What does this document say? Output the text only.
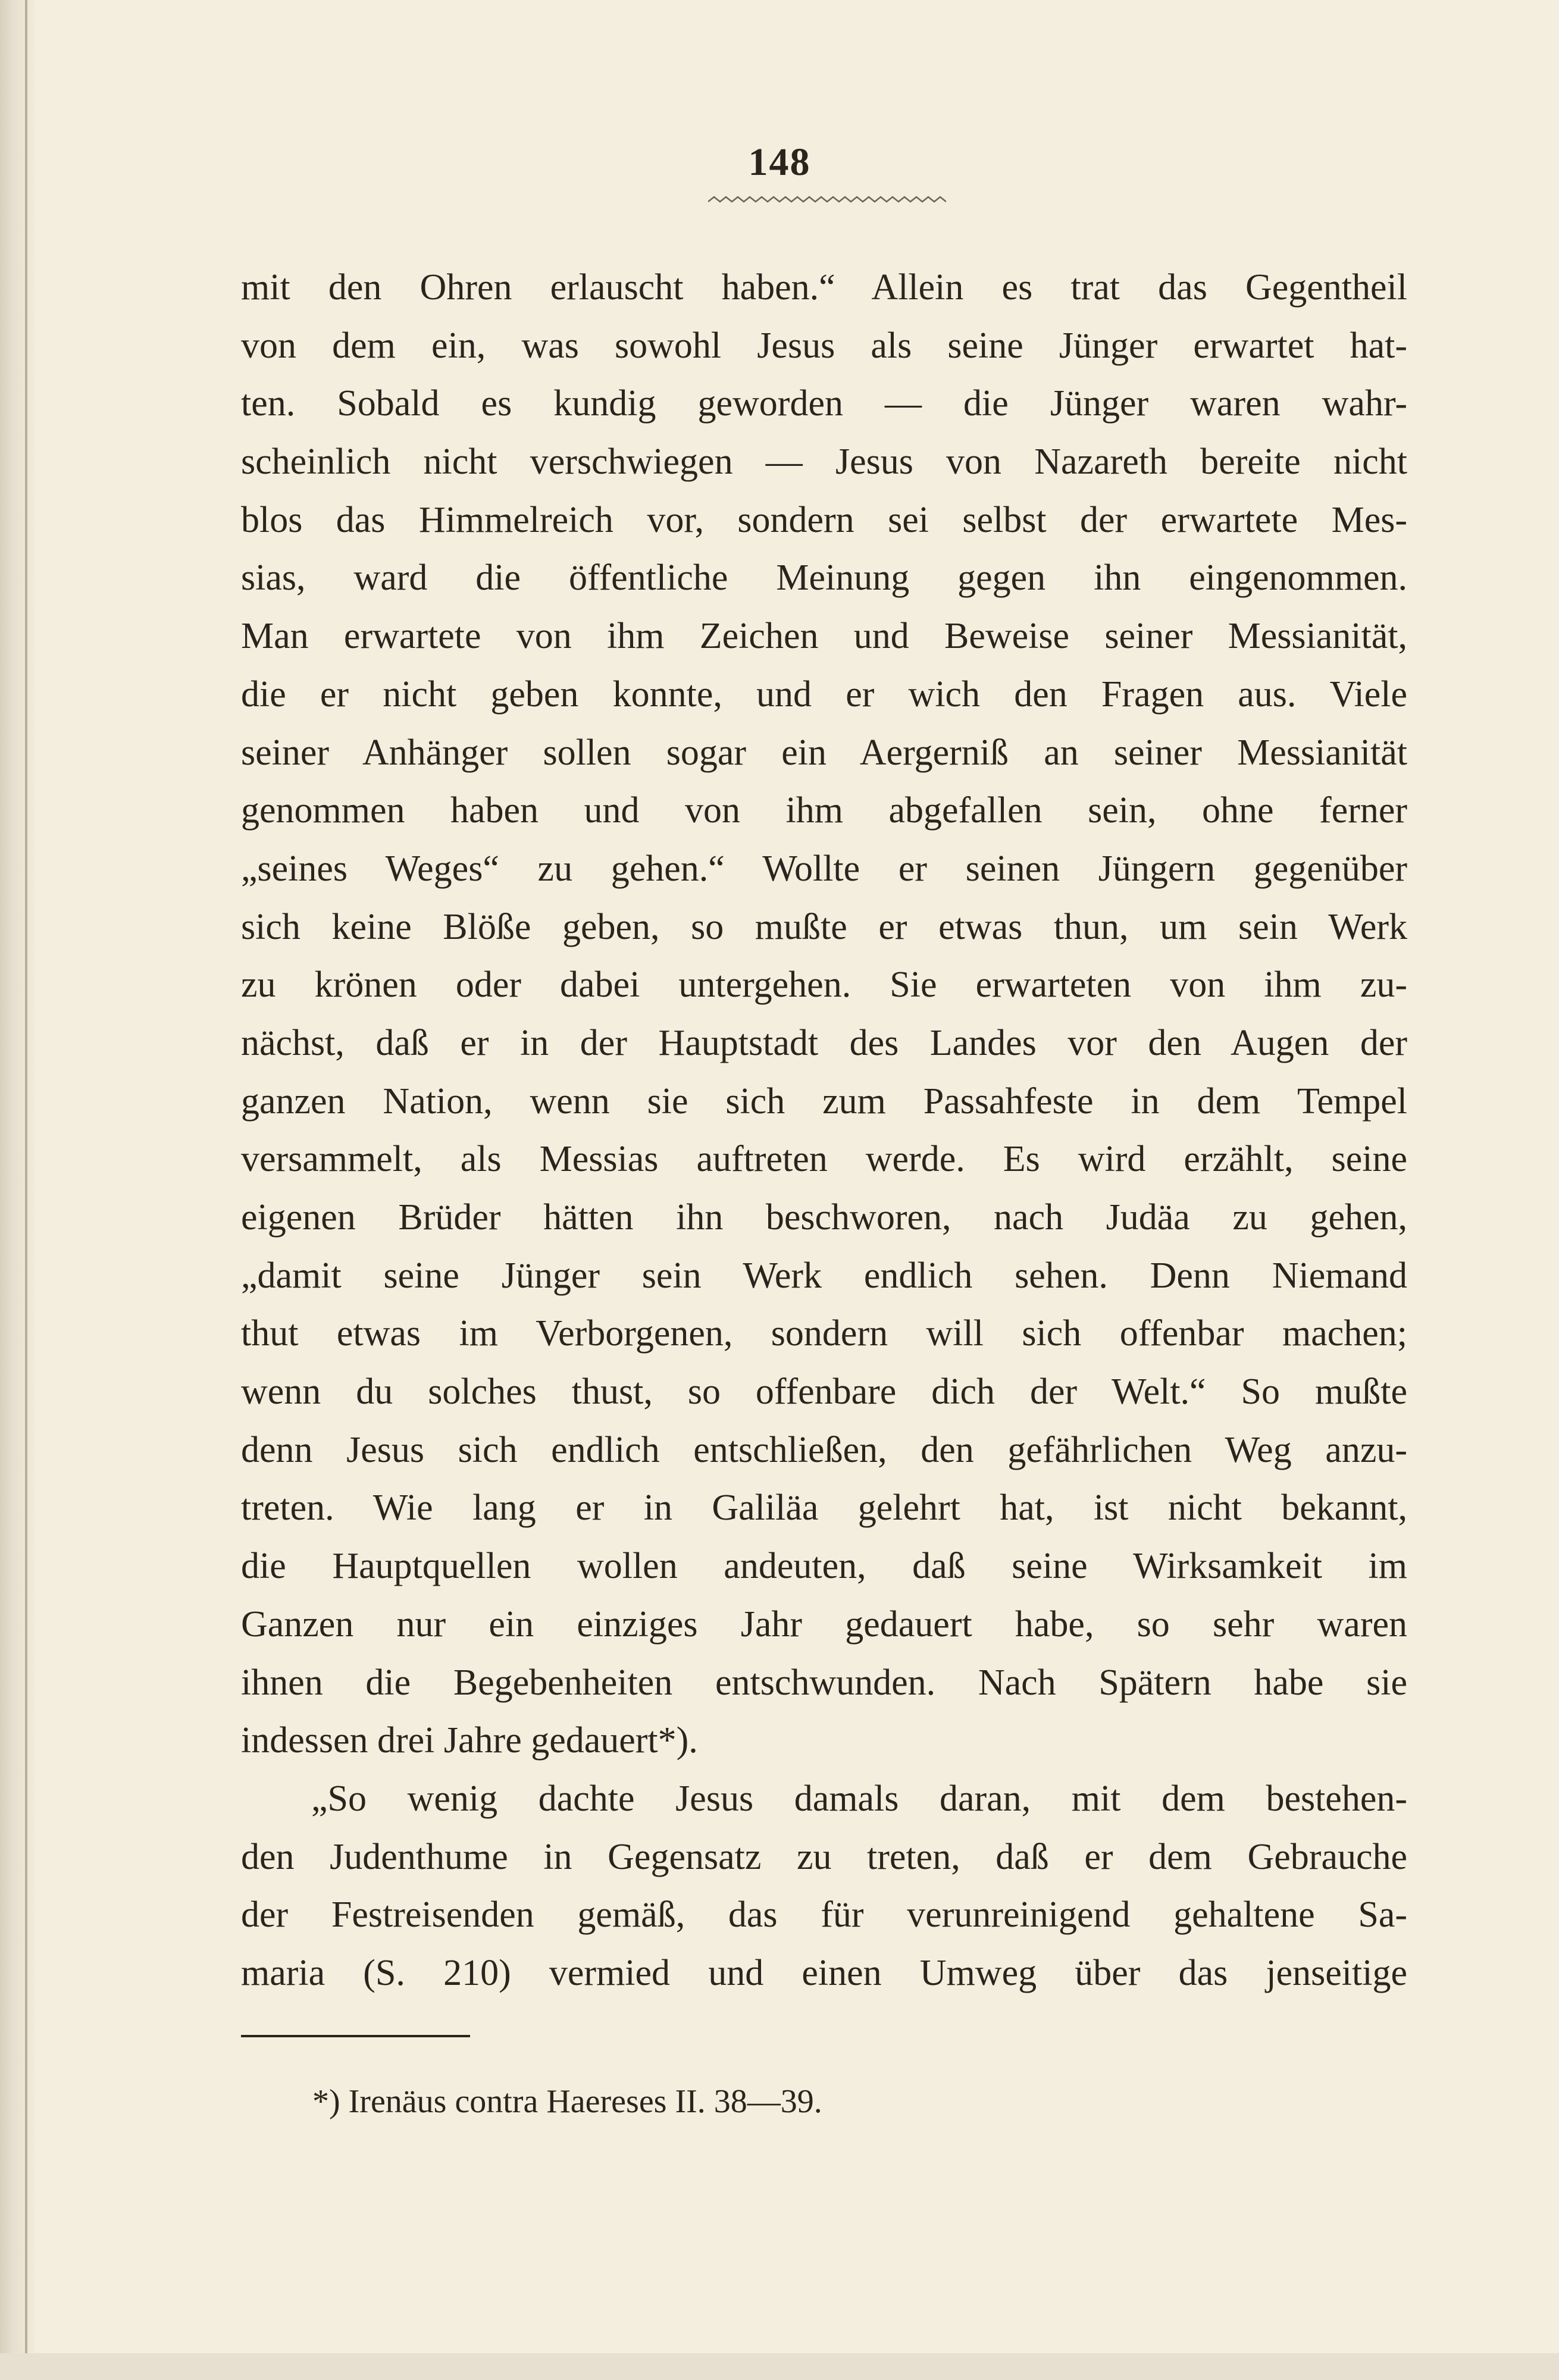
148
mit den Ohren erlauscht haben.“ Allein es trat das Gegentheil
von dem ein, was sowohl Jesus als seine Jünger erwartet hat-
ten. Sobald es kundig geworden — die Jünger waren wahr-
scheinlich nicht verschwiegen — Jesus von Nazareth bereite nicht
blos das Himmelreich vor, sondern sei selbst der erwartete Mes-
sias, ward die öffentliche Meinung gegen ihn eingenommen.
Man erwartete von ihm Zeichen und Beweise seiner Messianität,
die er nicht geben konnte, und er wich den Fragen aus. Viele
seiner Anhänger sollen sogar ein Aergerniß an seiner Messianität
genommen haben und von ihm abgefallen sein, ohne ferner
„seines Weges“ zu gehen.“ Wollte er seinen Jüngern gegenüber
sich keine Blöße geben, so mußte er etwas thun, um sein Werk
zu krönen oder dabei untergehen. Sie erwarteten von ihm zu-
nächst, daß er in der Hauptstadt des Landes vor den Augen der
ganzen Nation, wenn sie sich zum Passahfeste in dem Tempel
versammelt, als Messias auftreten werde. Es wird erzählt, seine
eigenen Brüder hätten ihn beschworen, nach Judäa zu gehen,
„damit seine Jünger sein Werk endlich sehen. Denn Niemand
thut etwas im Verborgenen, sondern will sich offenbar machen;
wenn du solches thust, so offenbare dich der Welt.“ So mußte
denn Jesus sich endlich entschließen, den gefährlichen Weg anzu-
treten. Wie lang er in Galiläa gelehrt hat, ist nicht bekannt,
die Hauptquellen wollen andeuten, daß seine Wirksamkeit im
Ganzen nur ein einziges Jahr gedauert habe, so sehr waren
ihnen die Begebenheiten entschwunden. Nach Spätern habe sie
indessen drei Jahre gedauert*).
„So wenig dachte Jesus damals daran, mit dem bestehen-
den Judenthume in Gegensatz zu treten, daß er dem Gebrauche
der Festreisenden gemäß, das für verunreinigend gehaltene Sa-
maria (S. 210) vermied und einen Umweg über das jenseitige
*) Irenäus contra Haereses II. 38—39.
